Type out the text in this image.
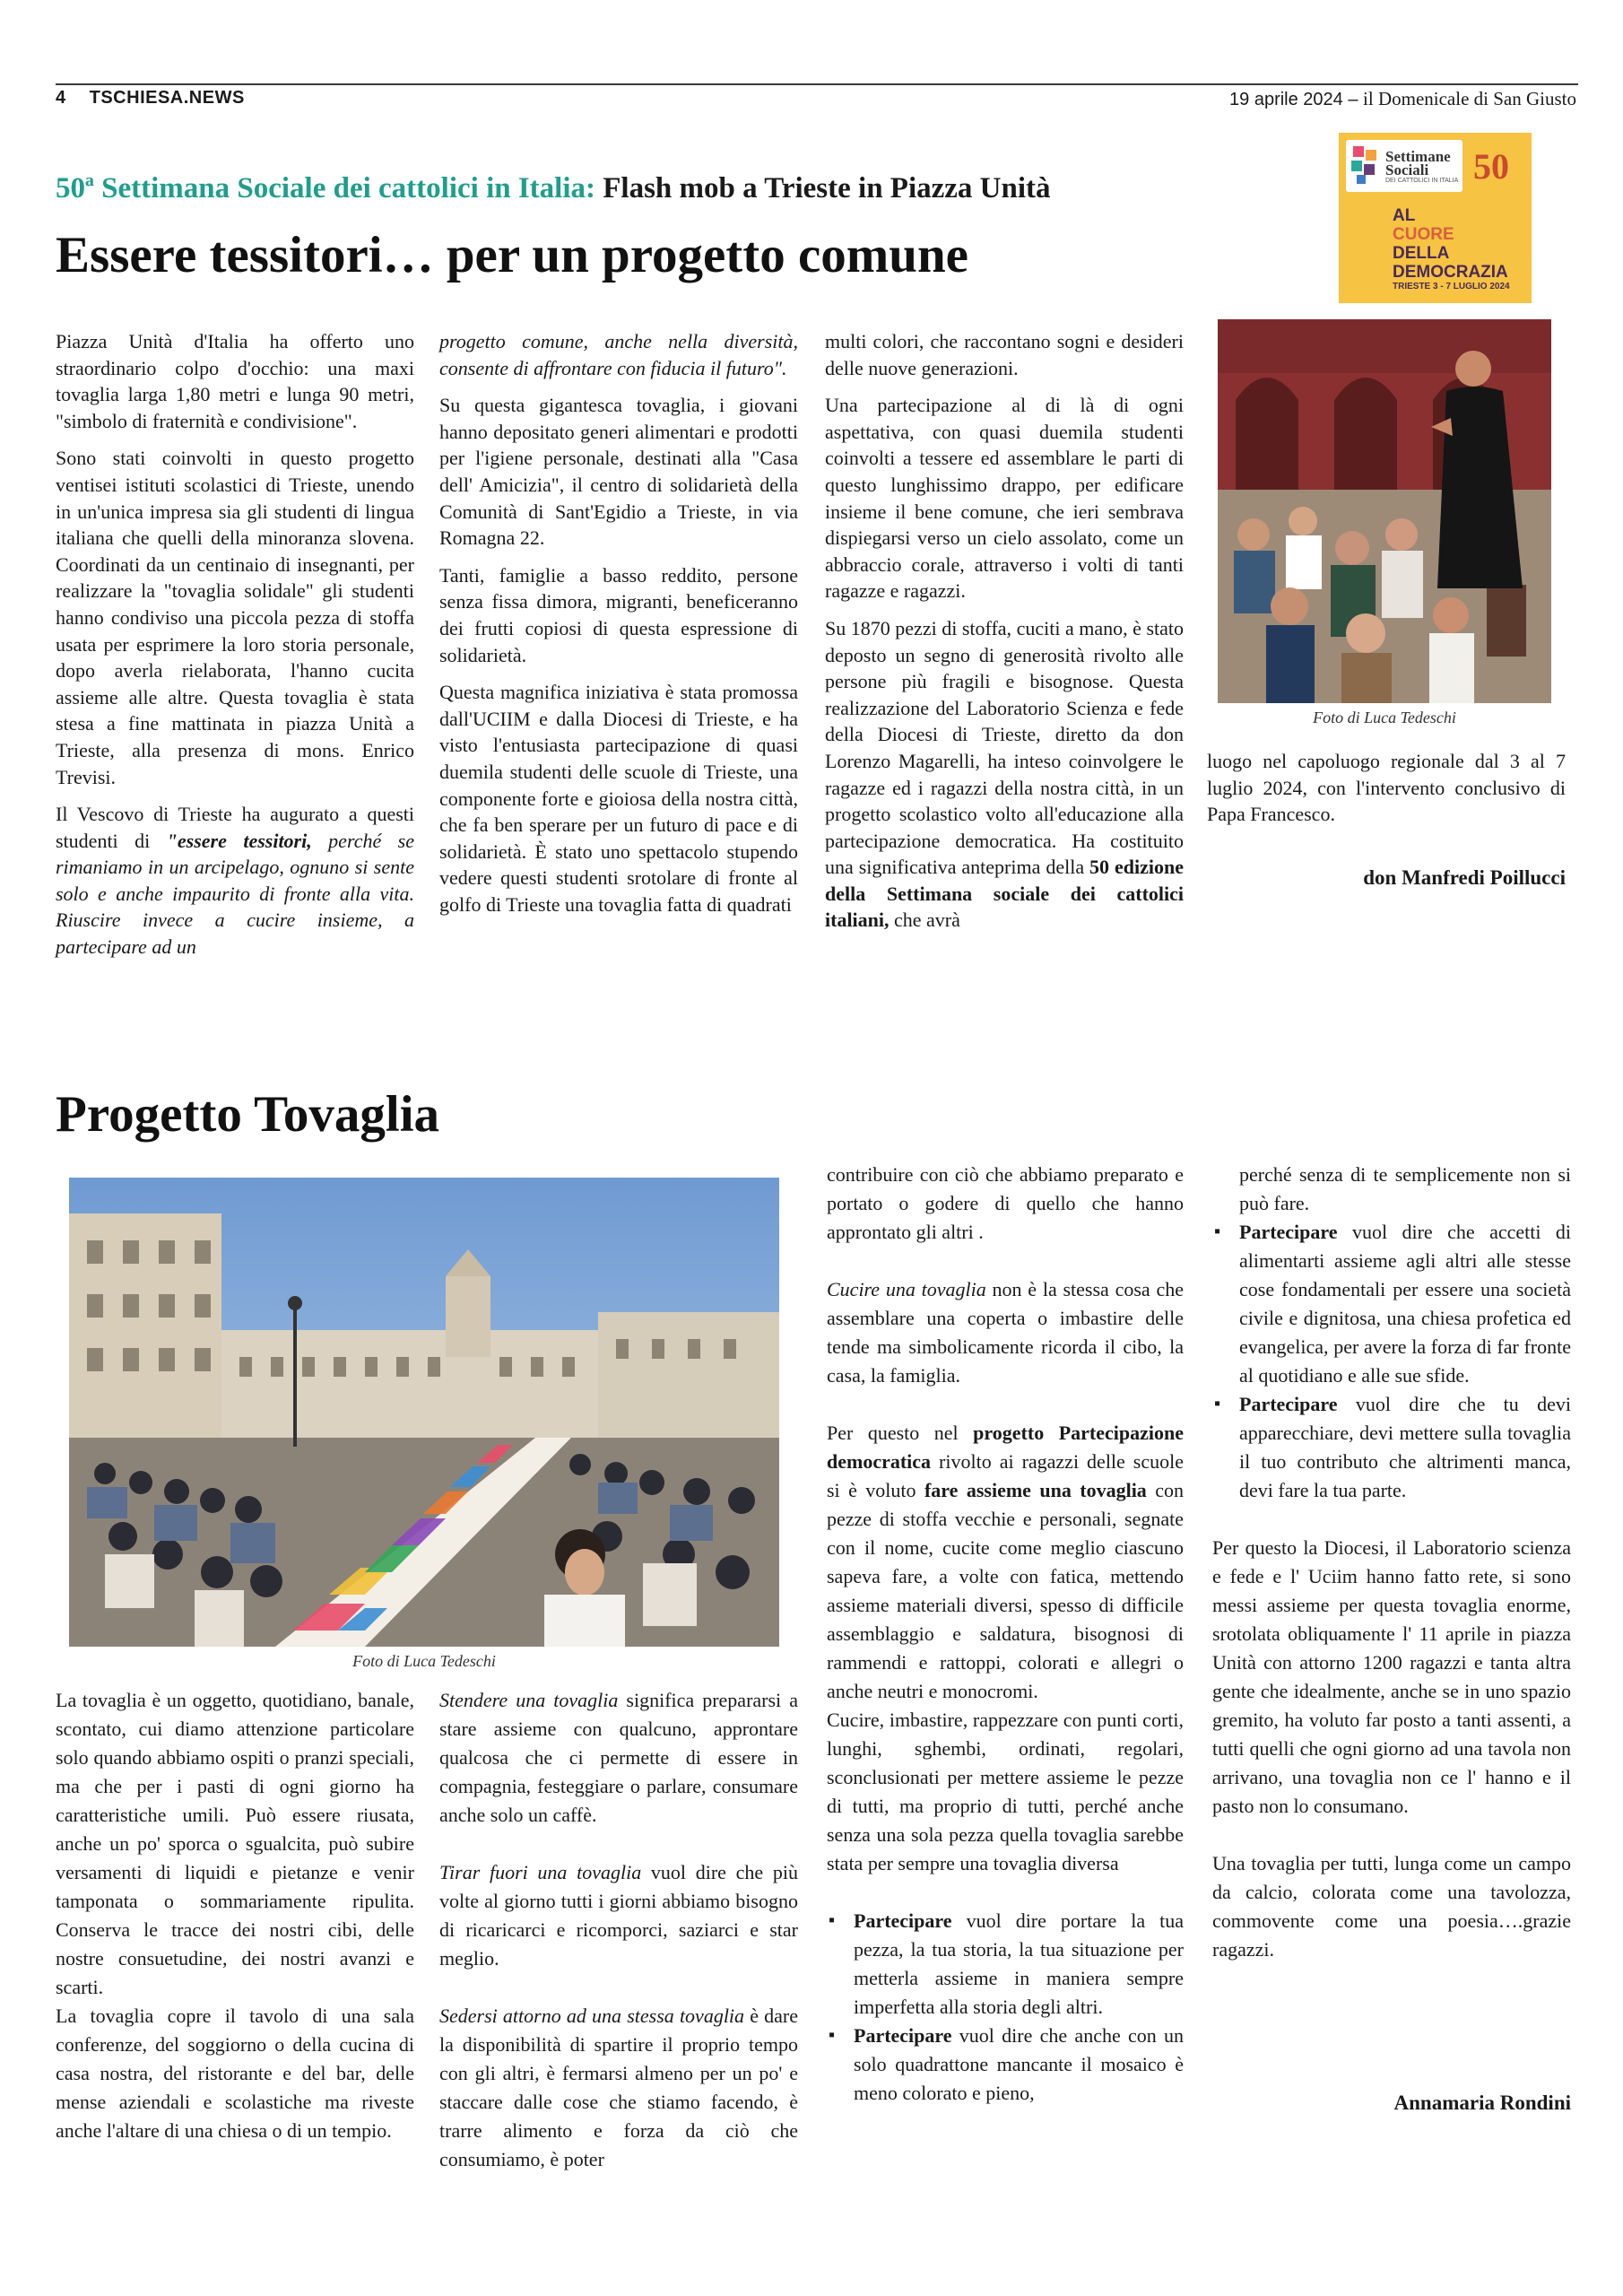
4 TSCHIESA.NEWS	19 aprile 2024 – il Domenicale di San Giusto
50ª Settimana Sociale dei cattolici in Italia: Flash mob a Trieste in Piazza Unità
Essere tessitori… per un progetto comune
Settimane Sociali
DEI CATTOLICI IN ITALIA 50
AL
CUORE
DELLA
DEMOCRAZIA
TRIESTE 3 - 7 LUGLIO 2024

Piazza Unità d'Italia ha offerto uno straordinario colpo d'occhio: una maxi tovaglia larga 1,80 metri e lunga 90 metri, "simbolo di fraternità e condivisione".

Sono stati coinvolti in questo progetto ventisei istituti scolastici di Trieste, unendo in un'unica impresa sia gli studenti di lingua italiana che quelli della minoranza slovena. Coordinati da un centinaio di insegnanti, per realizzare la "tovaglia solidale" gli studenti hanno condiviso una piccola pezza di stoffa usata per esprimere la loro storia personale, dopo averla rielaborata, l'hanno cucita assieme alle altre. Questa tovaglia è stata stesa a fine mattinata in piazza Unità a Trieste, alla presenza di mons. Enrico Trevisi.

Il Vescovo di Trieste ha augurato a questi studenti di "essere tessitori, perché se rimaniamo in un arcipelago, ognuno si sente solo e anche impaurito di fronte alla vita. Riuscire invece a cucire insieme, a partecipare ad un

progetto comune, anche nella diversità, consente di affrontare con fiducia il futuro".

Su questa gigantesca tovaglia, i giovani hanno depositato generi alimentari e prodotti per l'igiene personale, destinati alla "Casa dell' Amicizia", il centro di solidarietà della Comunità di Sant'Egidio a Trieste, in via Romagna 22.

Tanti, famiglie a basso reddito, persone senza fissa dimora, migranti, beneficeranno dei frutti copiosi di questa espressione di solidarietà.

Questa magnifica iniziativa è stata promossa dall'UCIIM e dalla Diocesi di Trieste, e ha visto l'entusiasta partecipazione di quasi duemila studenti delle scuole di Trieste, una componente forte e gioiosa della nostra città, che fa ben sperare per un futuro di pace e di solidarietà. È stato uno spettacolo stupendo vedere questi studenti srotolare di fronte al golfo di Trieste una tovaglia fatta di quadrati

multi colori, che raccontano sogni e desideri delle nuove generazioni.

Una partecipazione al di là di ogni aspettativa, con quasi duemila studenti coinvolti a tessere ed assemblare le parti di questo lunghissimo drappo, per edificare insieme il bene comune, che ieri sembrava dispiegarsi verso un cielo assolato, come un abbraccio corale, attraverso i volti di tanti ragazze e ragazzi.

Su 1870 pezzi di stoffa, cuciti a mano, è stato deposto un segno di generosità rivolto alle persone più fragili e bisognose. Questa realizzazione del Laboratorio Scienza e fede della Diocesi di Trieste, diretto da don Lorenzo Magarelli, ha inteso coinvolgere le ragazze ed i ragazzi della nostra città, in un progetto scolastico volto all'educazione alla partecipazione democratica. Ha costituito una significativa anteprima della 50 edizione della Settimana sociale dei cattolici italiani, che avrà

Foto di Luca Tedeschi

luogo nel capoluogo regionale dal 3 al 7 luglio 2024, con l'intervento conclusivo di Papa Francesco.

don Manfredi Poillucci
Progetto Tovaglia
Foto di Luca Tedeschi

La tovaglia è un oggetto, quotidiano, banale, scontato, cui diamo attenzione particolare solo quando abbiamo ospiti o pranzi speciali, ma che per i pasti di ogni giorno ha caratteristiche umili. Può essere riusata, anche un po' sporca o sgualcita, può subire versamenti di liquidi e pietanze e venir tamponata o sommariamente ripulita. Conserva le tracce dei nostri cibi, delle nostre consuetudine, dei nostri avanzi e scarti.

La tovaglia copre il tavolo di una sala conferenze, del soggiorno o della cucina di casa nostra, del ristorante e del bar, delle mense aziendali e scolastiche ma riveste anche l'altare di una chiesa o di un tempio.

Stendere una tovaglia significa prepararsi a stare assieme con qualcuno, approntare qualcosa che ci permette di essere in compagnia, festeggiare o parlare, consumare anche solo un caffè.

Tirar fuori una tovaglia vuol dire che più volte al giorno tutti i giorni abbiamo bisogno di ricaricarci e ricomporci, saziarci e star meglio.

Sedersi attorno ad una stessa tovaglia è dare la disponibilità di spartire il proprio tempo con gli altri, è fermarsi almeno per un po' e staccare dalle cose che stiamo facendo, è trarre alimento e forza da ciò che consumiamo, è poter

contribuire con ciò che abbiamo preparato e portato o godere di quello che hanno approntato gli altri .

Cucire una tovaglia non è la stessa cosa che assemblare una coperta o imbastire delle tende ma simbolicamente ricorda il cibo, la casa, la famiglia.

Per questo nel progetto Partecipazione democratica rivolto ai ragazzi delle scuole si è voluto fare assieme una tovaglia con pezze di stoffa vecchie e personali, segnate con il nome, cucite come meglio ciascuno sapeva fare, a volte con fatica, mettendo assieme materiali diversi, spesso di difficile assemblaggio e saldatura, bisognosi di rammendi e rattoppi, colorati e allegri o anche neutri e monocromi.

Cucire, imbastire, rappezzare con punti corti, lunghi, sghembi, ordinati, regolari, sconclusionati per mettere assieme le pezze di tutti, ma proprio di tutti, perché anche senza una sola pezza quella tovaglia sarebbe stata per sempre una tovaglia diversa

▪ Partecipare vuol dire portare la tua pezza, la tua storia, la tua situazione per metterla assieme in maniera sempre imperfetta alla storia degli altri.
▪ Partecipare vuol dire che anche con un solo quadrattone mancante il mosaico è meno colorato e pieno,
perché senza di te semplicemente non si può fare.
▪ Partecipare vuol dire che accetti di alimentarti assieme agli altri alle stesse cose fondamentali per essere una società civile e dignitosa, una chiesa profetica ed evangelica, per avere la forza di far fronte al quotidiano e alle sue sfide.
▪ Partecipare vuol dire che tu devi apparecchiare, devi mettere sulla tovaglia il tuo contributo che altrimenti manca, devi fare la tua parte.

Per questo la Diocesi, il Laboratorio scienza e fede e l' Uciim hanno fatto rete, si sono messi assieme per questa tovaglia enorme, srotolata obliquamente l' 11 aprile in piazza Unità con attorno 1200 ragazzi e tanta altra gente che idealmente, anche se in uno spazio gremito, ha voluto far posto a tanti assenti, a tutti quelli che ogni giorno ad una tavola non arrivano, una tovaglia non ce l' hanno e il pasto non lo consumano.

Una tovaglia per tutti, lunga come un campo da calcio, colorata come una tavolozza, commovente come una poesia….grazie ragazzi.

Annamaria Rondini
